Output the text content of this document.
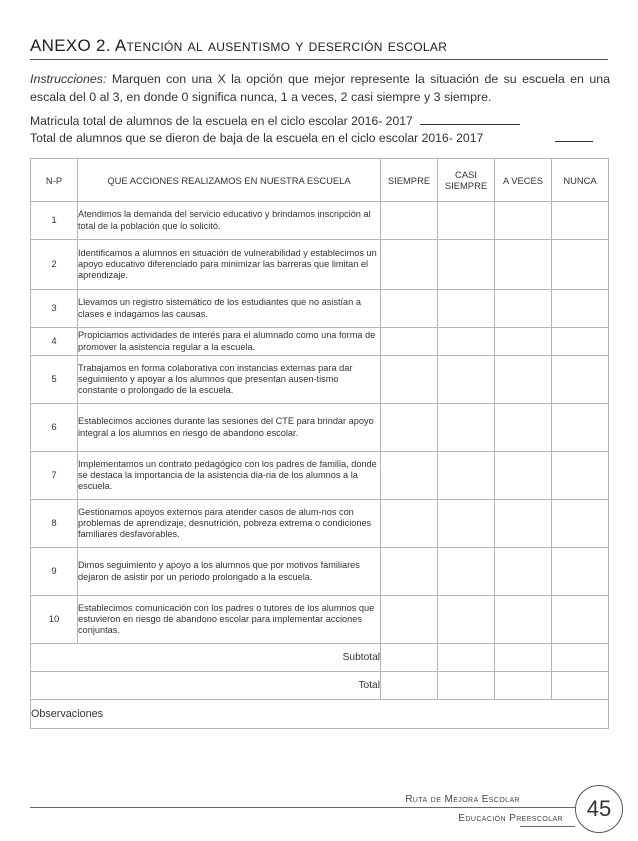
ANEXO 2. Atención al ausentismo y deserción escolar
Instrucciones: Marquen con una X la opción que mejor represente la situación de su escuela en una escala del 0 al 3, en donde 0 significa nunca, 1 a veces, 2 casi siempre y 3 siempre.
Matricula total de alumnos de la escuela en el ciclo escolar 2016- 2017
Total de alumnos que se dieron de baja de la escuela en el ciclo escolar 2016- 2017
N-P	QUE ACCIONES REALIZAMOS EN NUESTRA ESCUELA	SIEMPRE	CASI SIEMPRE	A VECES	NUNCA
1	Atendimos la demanda del servicio educativo y brindamos inscripción al total de la población que lo solicitó.				
2	Identificamos a alumnos en situación de vulnerabilidad y establecimos un apoyo educativo diferenciado para minimizar las barreras que limitan el aprendizaje.				
3	Llevamos un registro sistemático de los estudiantes que no asistían a clases e indagamos las causas.				
4	Propiciamos actividades de interés para el alumnado como una forma de promover la asistencia regular a la escuela.				
5	Trabajamos en forma colaborativa con instancias externas para dar seguimiento y apoyar a los alumnos que presentan ausen-tismo constante o prolongado de la escuela.				
6	Establecimos acciones durante las sesiones del CTE para brindar apoyo integral a los alumnos en riesgo de abandono escolar.				
7	Implementamos un contrato pedagógico con los padres de familia, donde se destaca la importancia de la asistencia dia-ria de los alumnos a la escuela.				
8	Gestionamos apoyos externos para atender casos de alum-nos con problemas de aprendizaje, desnutrición, pobreza extrema o condiciones familiares desfavorables.				
9	Dimos seguimiento y apoyo a los alumnos que por motivos familiares dejaron de asistir por un periodo prolongado a la escuela.				
10	Establecimos comunicación con los padres o tutores de los alumnos que estuvieron en riesgo de abandono escolar para implementar acciones conjuntas.				
Subtotal					
Total					
Observaciones					
Ruta de Mejora Escolar
Educación Preescolar	45
